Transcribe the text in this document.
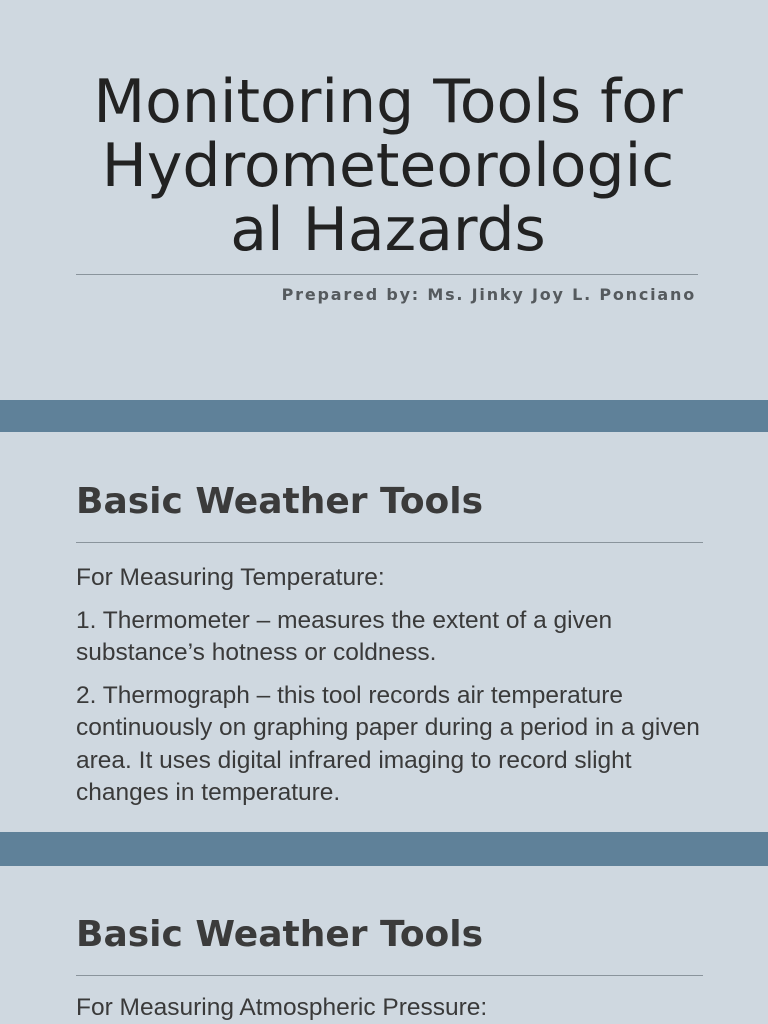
Monitoring Tools for
Hydrometeorologic
al Hazards

Prepared by: Ms. Jinky Joy L. Ponciano

Basic Weather Tools

For Measuring Temperature:

1. Thermometer – measures the extent of a given substance’s hotness or coldness.

2. Thermograph – this tool records air temperature continuously on graphing paper during a period in a given area. It uses digital infrared imaging to record slight changes in temperature.

Basic Weather Tools

For Measuring Atmospheric Pressure:
